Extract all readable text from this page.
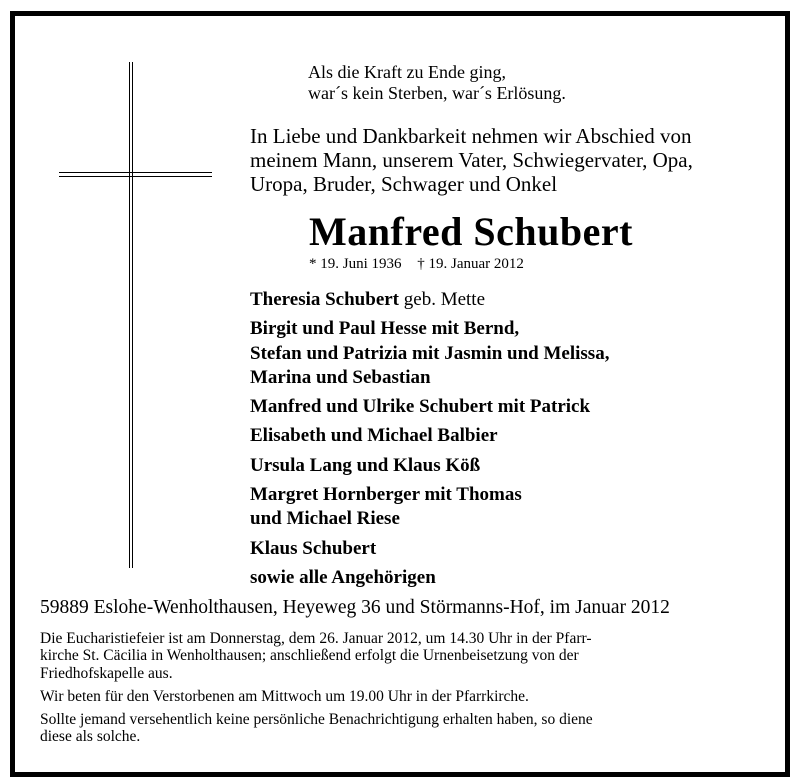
Als die Kraft zu Ende ging,
war´s kein Sterben, war´s Erlösung.
In Liebe und Dankbarkeit nehmen wir Abschied von
meinem Mann, unserem Vater, Schwiegervater, Opa,
Uropa, Bruder, Schwager und Onkel
Manfred Schubert
* 19. Juni 1936 † 19. Januar 2012
Theresia Schubert geb. Mette
Birgit und Paul Hesse mit Bernd,
Stefan und Patrizia mit Jasmin und Melissa,
Marina und Sebastian
Manfred und Ulrike Schubert mit Patrick
Elisabeth und Michael Balbier
Ursula Lang und Klaus Köß
Margret Hornberger mit Thomas
und Michael Riese
Klaus Schubert
sowie alle Angehörigen
59889 Eslohe-Wenholthausen, Heyeweg 36 und Störmanns-Hof, im Januar 2012

Die Eucharistiefeier ist am Donnerstag, dem 26. Januar 2012, um 14.30 Uhr in der Pfarr-
kirche St. Cäcilia in Wenholthausen; anschließend erfolgt die Urnenbeisetzung von der
Friedhofskapelle aus.

Wir beten für den Verstorbenen am Mittwoch um 19.00 Uhr in der Pfarrkirche.

Sollte jemand versehentlich keine persönliche Benachrichtigung erhalten haben, so diene
diese als solche.
